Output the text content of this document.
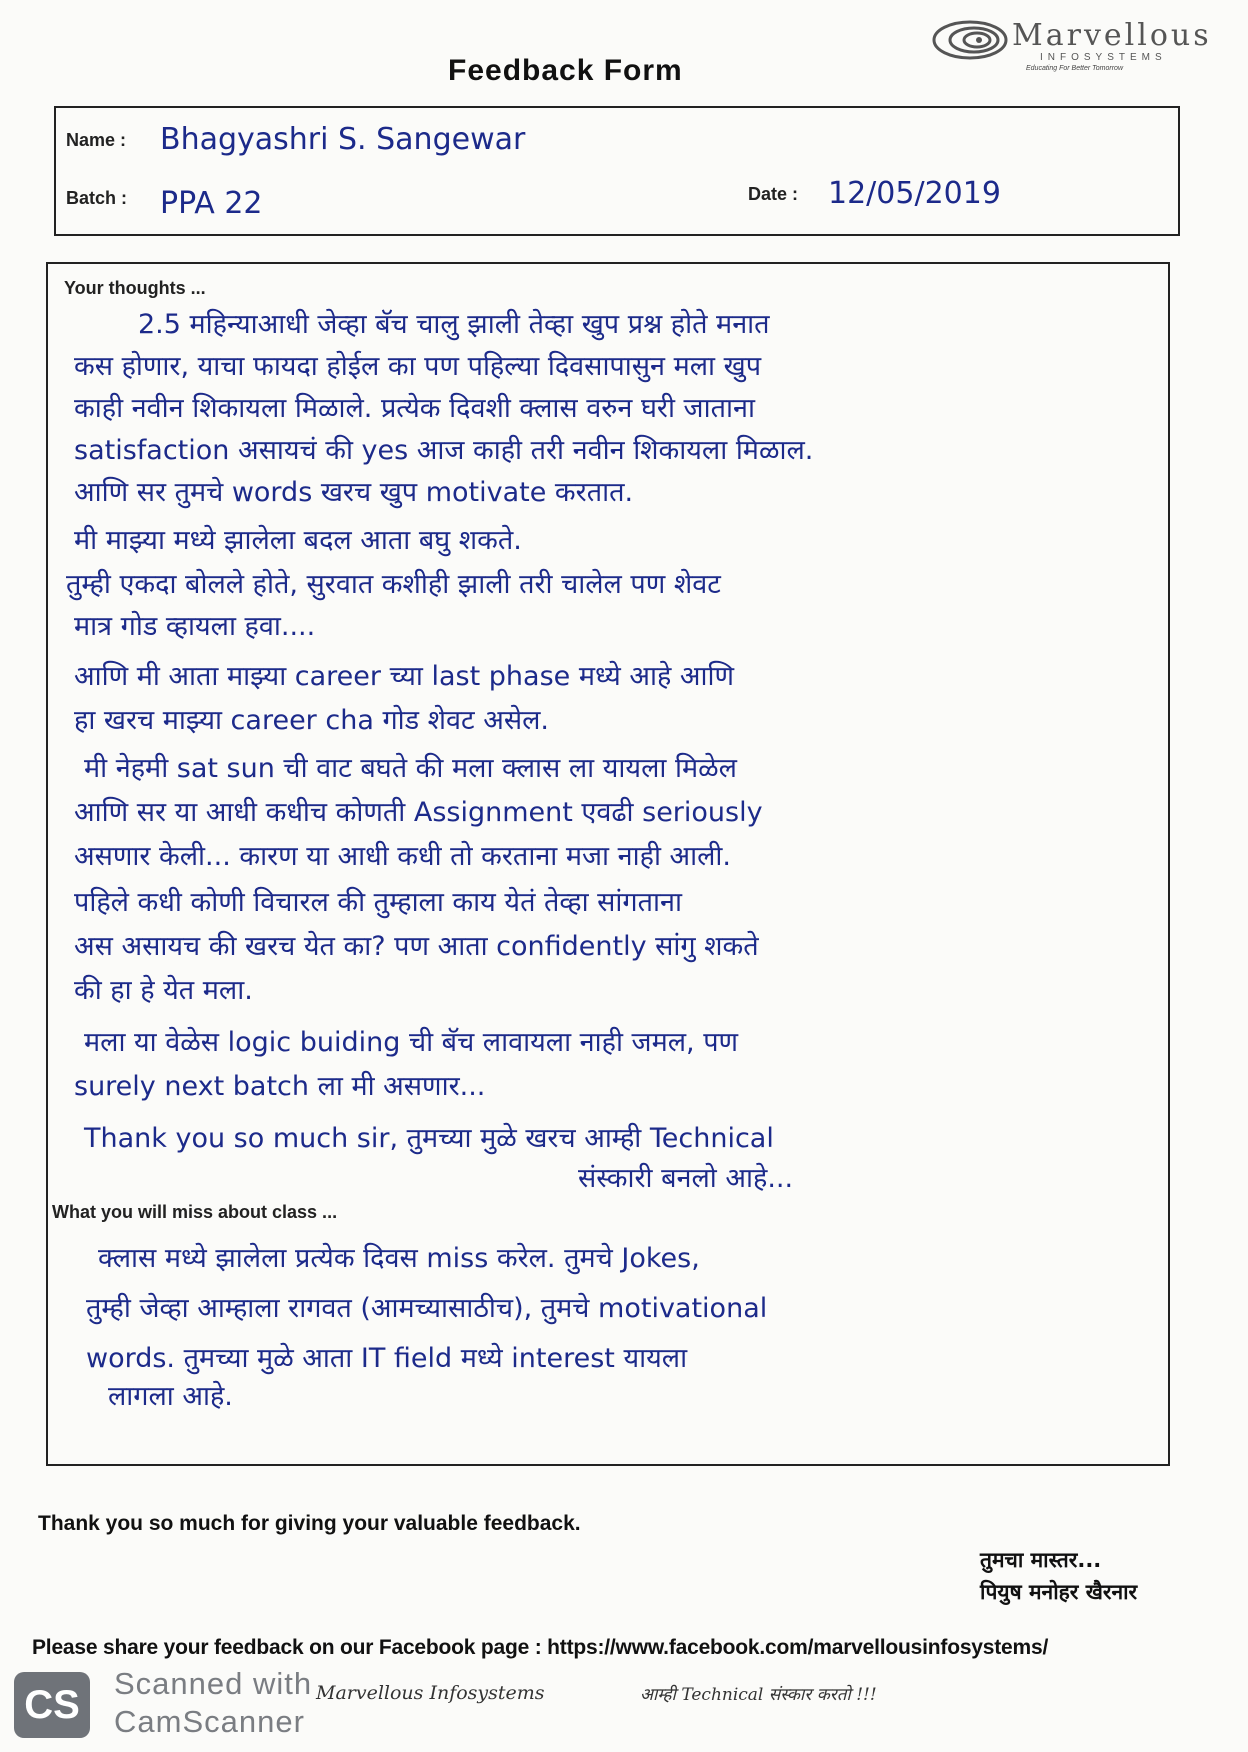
Marvellous
INFOSYSTEMS
Educating For Better Tomorrow
Feedback Form
Name : Bhagyashri S. Sangewar
Batch : PPA 22	Date : 12/05/2019
Your thoughts ...
2.5 महिन्याआधी जेव्हा बॅच चालु झाली तेव्हा खुप प्रश्न होते मनात
कस होणार, याचा फायदा होईल का पण पहिल्या दिवसापासुन मला खुप
काही नवीन शिकायला मिळाले. प्रत्येक दिवशी क्लास वरुन घरी जाताना
satisfaction असायचं की yes आज काही तरी नवीन शिकायला मिळाल.
आणि सर तुमचे words खरच खुप motivate करतात.
मी माझ्या मध्ये झालेला बदल आता बघु शकते.
तुम्ही एकदा बोलले होते, सुरवात कशीही झाली तरी चालेल पण शेवट
मात्र गोड व्हायला हवा....
आणि मी आता माझ्या career च्या last phase मध्ये आहे आणि
हा खरच माझ्या career cha गोड शेवट असेल.
मी नेहमी sat sun ची वाट बघते की मला क्लास ला यायला मिळेल
आणि सर या आधी कधीच कोणती Assignment एवढी seriously
असणार केली... कारण या आधी कधी तो करताना मजा नाही आली.
पहिले कधी कोणी विचारल की तुम्हाला काय येतं तेव्हा सांगताना
अस असायच की खरच येत का? पण आता confidently सांगु शकते
की हा हे येत मला.
मला या वेळेस logic buiding ची बॅच लावायला नाही जमल, पण
surely next batch ला मी असणार...
Thank you so much sir, तुमच्या मुळे खरच आम्ही Technical
संस्कारी बनलो आहे...
What you will miss about class ...
क्लास मध्ये झालेला प्रत्येक दिवस miss करेल. तुमचे Jokes,
तुम्ही जेव्हा आम्हाला रागवत (आमच्यासाठीच), तुमचे motivational
words. तुमच्या मुळे आता IT field मध्ये interest यायला
लागला आहे.
Thank you so much for giving your valuable feedback.
तुमचा मास्तर...
पियुष मनोहर खैरनार
Please share your feedback on our Facebook page : https://www.facebook.com/marvellousinfosystems/
CS	Scanned with
CamScanner
Marvellous Infosystems	आम्ही Technical संस्कार करतो !!!
